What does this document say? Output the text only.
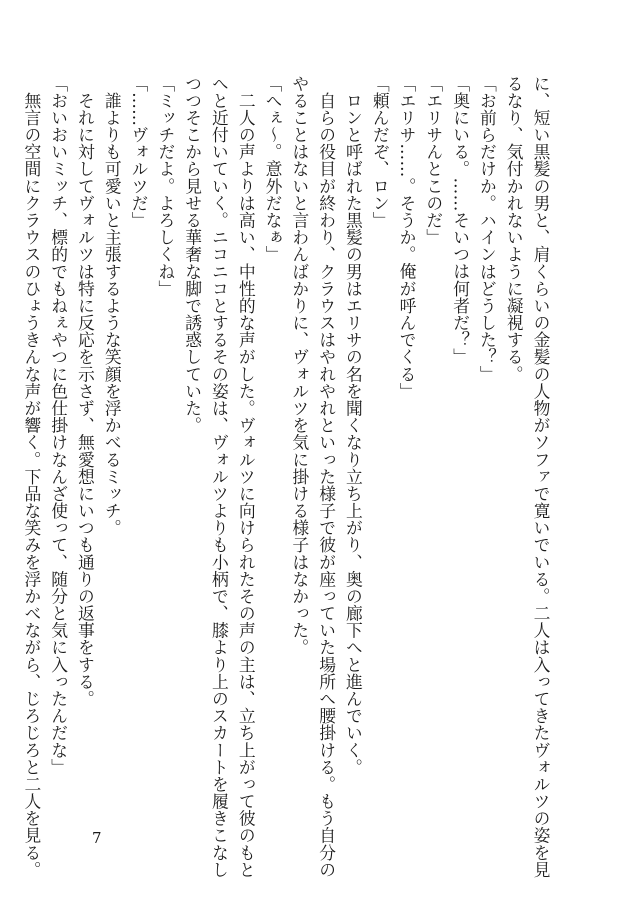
に、短い黒髪の男と、肩くらいの金髪の人物がソファで寛いでいる。二人は入ってきたヴォルツの姿を見
るなり、気付かれないように凝視する。
「お前らだけか。ハインはどうした？」
「奥にいる。……そいつは何者だ？」
「エリサんとこのだ」
「エリサ……。そうか。俺が呼んでくる」
「頼んだぞ、ロン」
　ロンと呼ばれた黒髪の男はエリサの名を聞くなり立ち上がり、奥の廊下へと進んでいく。
　自らの役目が終わり、クラウスはやれやれといった様子で彼が座っていた場所へ腰掛ける。もう自分の
やることはないと言わんばかりに、ヴォルツを気に掛ける様子はなかった。
「へぇ～。意外だなぁ」
　二人の声よりは高い、中性的な声がした。ヴォルツに向けられたその声の主は、立ち上がって彼のもと
へと近付いていく。ニコニコとするその姿は、ヴォルツよりも小柄で、膝より上のスカートを履きこなし
つつそこから見せる華奢な脚で誘惑していた。
「ミッチだよ。よろしくね」
「……ヴォルツだ」
　誰よりも可愛いと主張するような笑顔を浮かべるミッチ。
　それに対してヴォルツは特に反応を示さず、無愛想にいつも通りの返事をする。
「おいおいミッチ、標的でもねぇやつに色仕掛けなんざ使って、随分と気に入ったんだな」
　無言の空間にクラウスのひょうきんな声が響く。下品な笑みを浮かべながら、じろじろと二人を見る。	7
